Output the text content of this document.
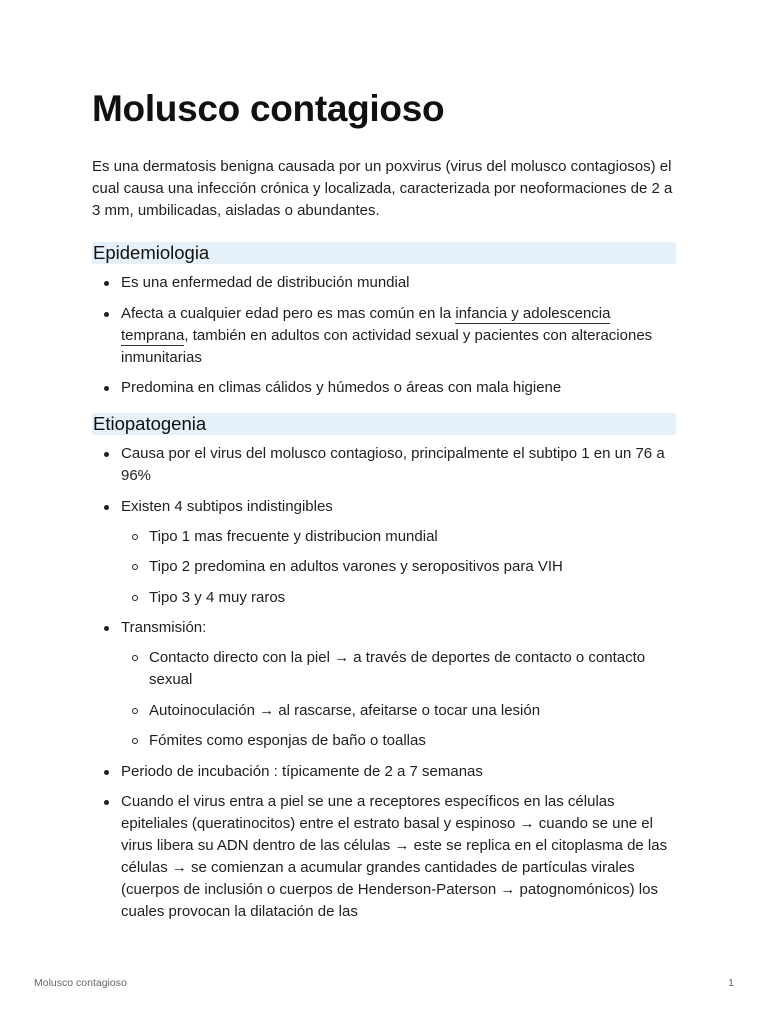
Molusco contagioso

Es una dermatosis benigna causada por un poxvirus (virus del molusco contagiosos) el cual causa una infección crónica y localizada, caracterizada por neoformaciones de 2 a 3 mm, umbilicadas, aisladas o abundantes.

Epidemiologia
Es una enfermedad de distribución mundial
Afecta a cualquier edad pero es mas común en la infancia y adolescencia temprana, también en adultos con actividad sexual y pacientes con alteraciones inmunitarias
Predomina en climas cálidos y húmedos o áreas con mala higiene
Etiopatogenia
Causa por el virus del molusco contagioso, principalmente el subtipo 1 en un 76 a 96%
Existen 4 subtipos indistingibles
Tipo 1 mas frecuente y distribucion mundial
Tipo 2 predomina en adultos varones y seropositivos para VIH
Tipo 3 y 4 muy raros
Transmisión:
Contacto directo con la piel → a través de deportes de contacto o contacto sexual
Autoinoculación → al rascarse, afeitarse o tocar una lesión
Fómites como esponjas de baño o toallas
Periodo de incubación : típicamente de 2 a 7 semanas
Cuando el virus entra a piel se une a receptores específicos en las células epiteliales (queratinocitos) entre el estrato basal y espinoso → cuando se une el virus libera su ADN dentro de las células → este se replica en el citoplasma de las células → se comienzan a acumular grandes cantidades de partículas virales (cuerpos de inclusión o cuerpos de Henderson-Paterson → patognomónicos) los cuales provocan la dilatación de las
Molusco contagioso	1
